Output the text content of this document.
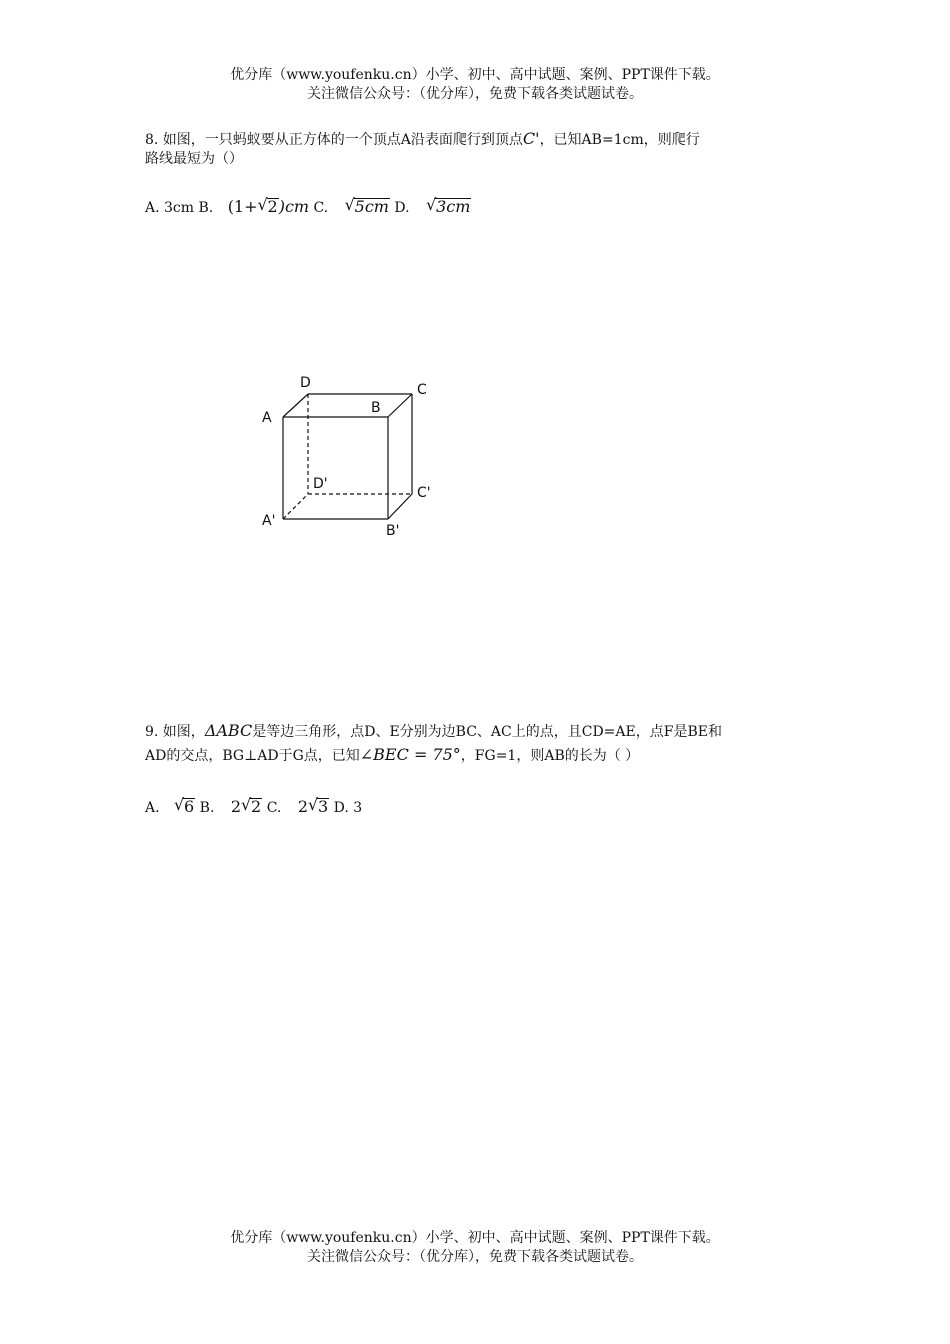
优分库（www.youfenku.cn）小学、初中、高中试题、案例、PPT课件下载。
关注微信公众号：（优分库），免费下载各类试题试卷。
8. 如图，一只蚂蚁要从正方体的一个顶点A沿表面爬行到顶点C'，已知AB=1cm，则爬行
路线最短为（）
A. 3cm B. (1+ √ 2)cm C. √ 5cm D. √ 3cm
A
B
C
D
A'
B'
C'
D'
9. 如图，ΔABC是等边三角形，点D、E分别为边BC、AC上的点，且CD=AE，点F是BE和
AD的交点，BG⊥AD于G点，已知∠BEC = 75°，FG=1，则AB的长为（ ）
A. √ 6 B. 2 √ 2 C. 2 √ 3 D. 3
优分库（www.youfenku.cn）小学、初中、高中试题、案例、PPT课件下载。
关注微信公众号：（优分库），免费下载各类试题试卷。
